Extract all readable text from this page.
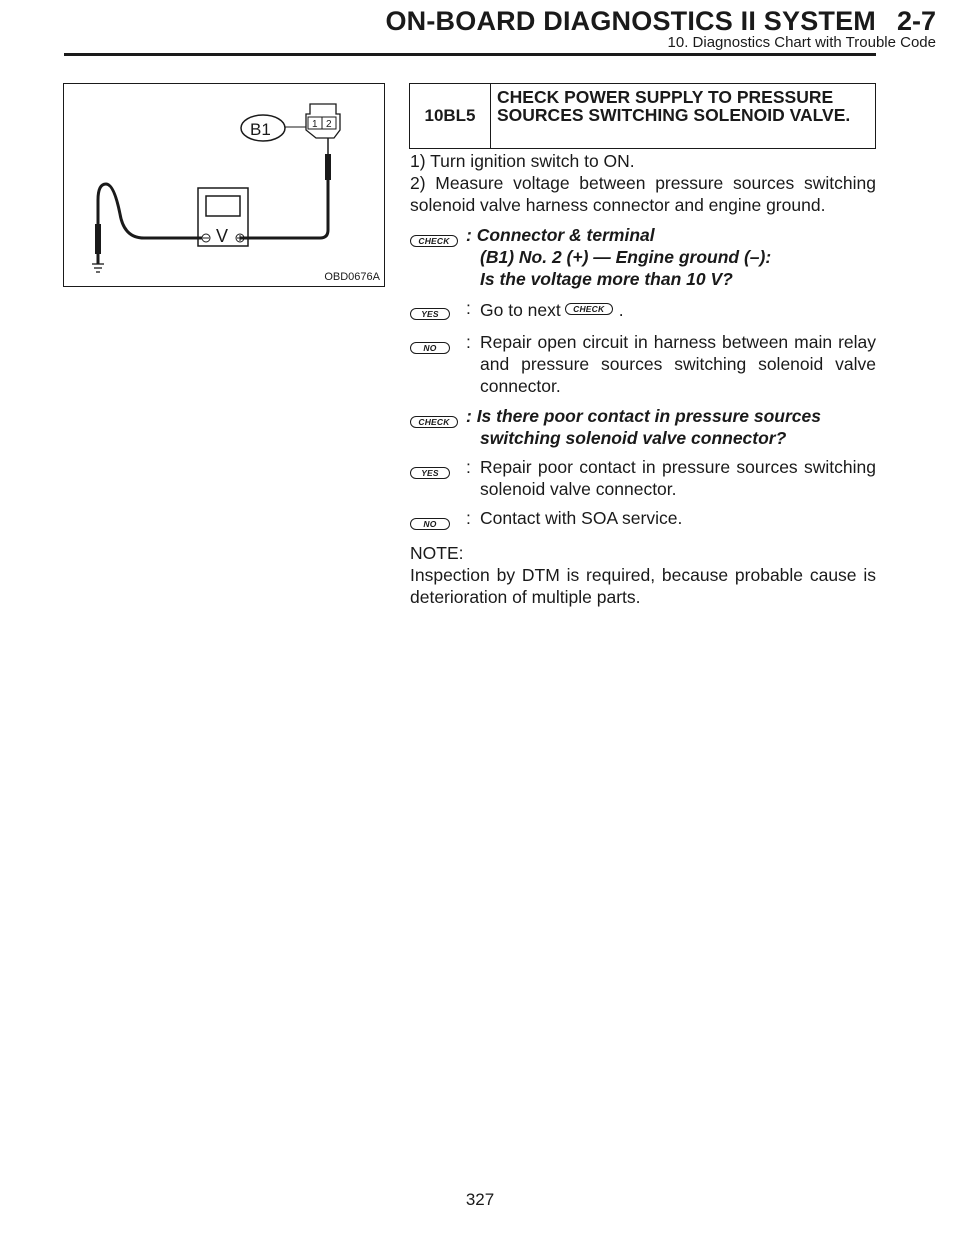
ON-BOARD DIAGNOSTICS II SYSTEM 2-7
10. Diagnostics Chart with Trouble Code
B1	1 2
V
OBD0676A
10BL5
CHECK POWER SUPPLY TO PRESSURE SOURCES SWITCHING SOLENOID VALVE.

1) Turn ignition switch to ON.

2) Measure voltage between pressure sources switching solenoid valve harness connector and engine ground.

CHECK : Connector & terminal
(B1) No. 2 (+) — Engine ground (–):
Is the voltage more than 10 V?
YES	: Go to next CHECK .
NO	: Repair open circuit in harness between main relay and pressure sources switching solenoid valve connector.
CHECK : Is there poor contact in pressure sources
switching solenoid valve connector?
YES	: Repair poor contact in pressure sources switching solenoid valve connector.
NO	: Contact with SOA service.

NOTE:

Inspection by DTM is required, because probable cause is deterioration of multiple parts.

327
